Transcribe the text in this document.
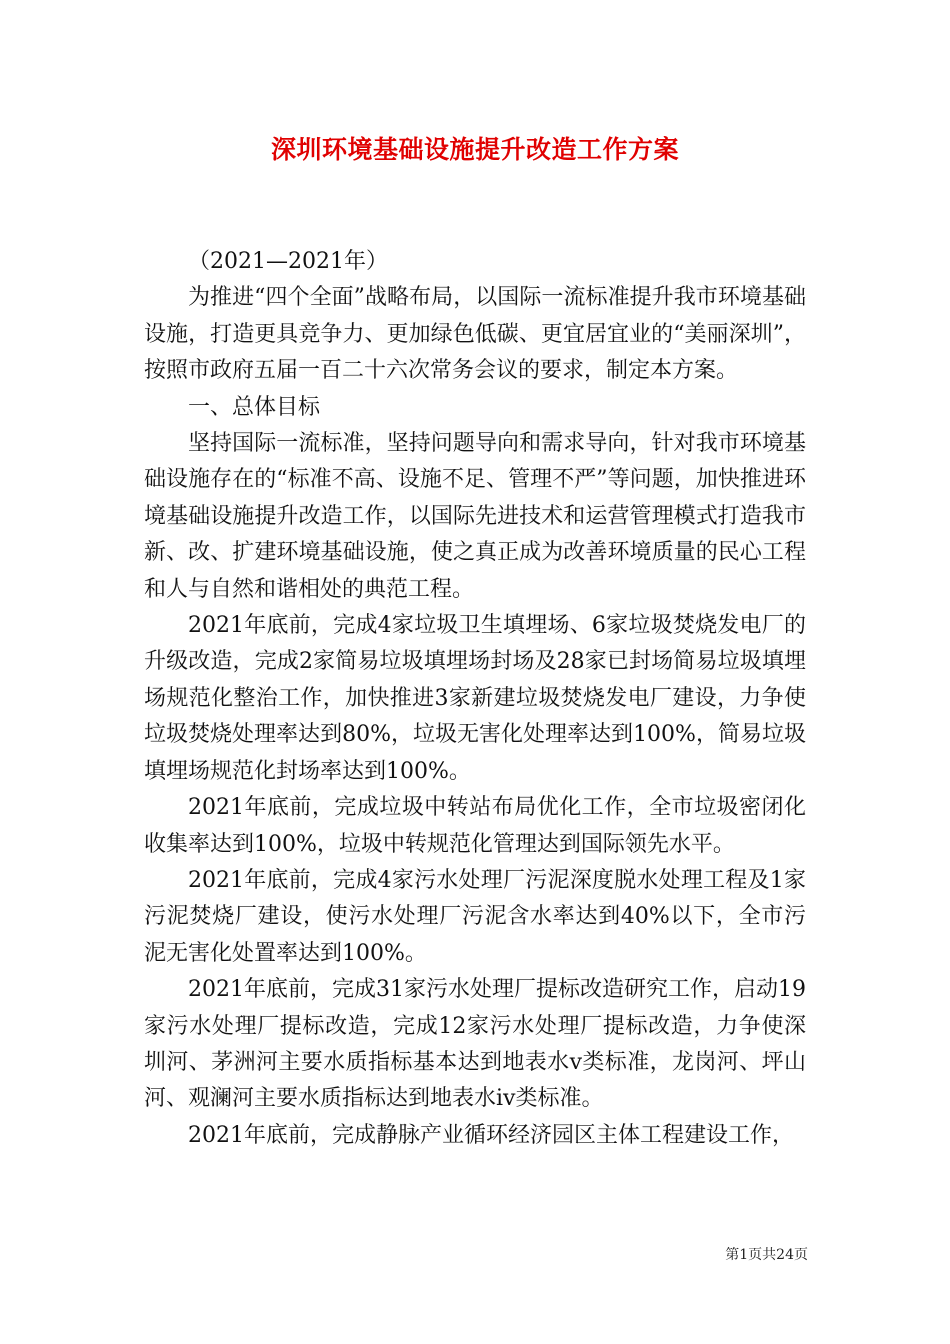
深圳环境基础设施提升改造工作方案

（2021—2021年）

为推进“四个全面”战略布局，以国际一流标准提升我市环境基础设施，打造更具竞争力、更加绿色低碳、更宜居宜业的“美丽深圳”，按照市政府五届一百二十六次常务会议的要求，制定本方案。

一、总体目标

坚持国际一流标准，坚持问题导向和需求导向，针对我市环境基础设施存在的“标准不高、设施不足、管理不严”等问题，加快推进环境基础设施提升改造工作，以国际先进技术和运营管理模式打造我市新、改、扩建环境基础设施，使之真正成为改善环境质量的民心工程和人与自然和谐相处的典范工程。

2021年底前，完成4家垃圾卫生填埋场、6家垃圾焚烧发电厂的升级改造，完成2家简易垃圾填埋场封场及28家已封场简易垃圾填埋场规范化整治工作，加快推进3家新建垃圾焚烧发电厂建设，力争使垃圾焚烧处理率达到80%，垃圾无害化处理率达到100%，简易垃圾填埋场规范化封场率达到100%。

2021年底前，完成垃圾中转站布局优化工作，全市垃圾密闭化收集率达到100%，垃圾中转规范化管理达到国际领先水平。

2021年底前，完成4家污水处理厂污泥深度脱水处理工程及1家污泥焚烧厂建设，使污水处理厂污泥含水率达到40%以下，全市污泥无害化处置率达到100%。

2021年底前，完成31家污水处理厂提标改造研究工作，启动19家污水处理厂提标改造，完成12家污水处理厂提标改造，力争使深圳河、茅洲河主要水质指标基本达到地表水ⅴ类标准，龙岗河、坪山河、观澜河主要水质指标达到地表水ⅳ类标准。

2021年底前，完成静脉产业循环经济园区主体工程建设工作，

第1页共24页
